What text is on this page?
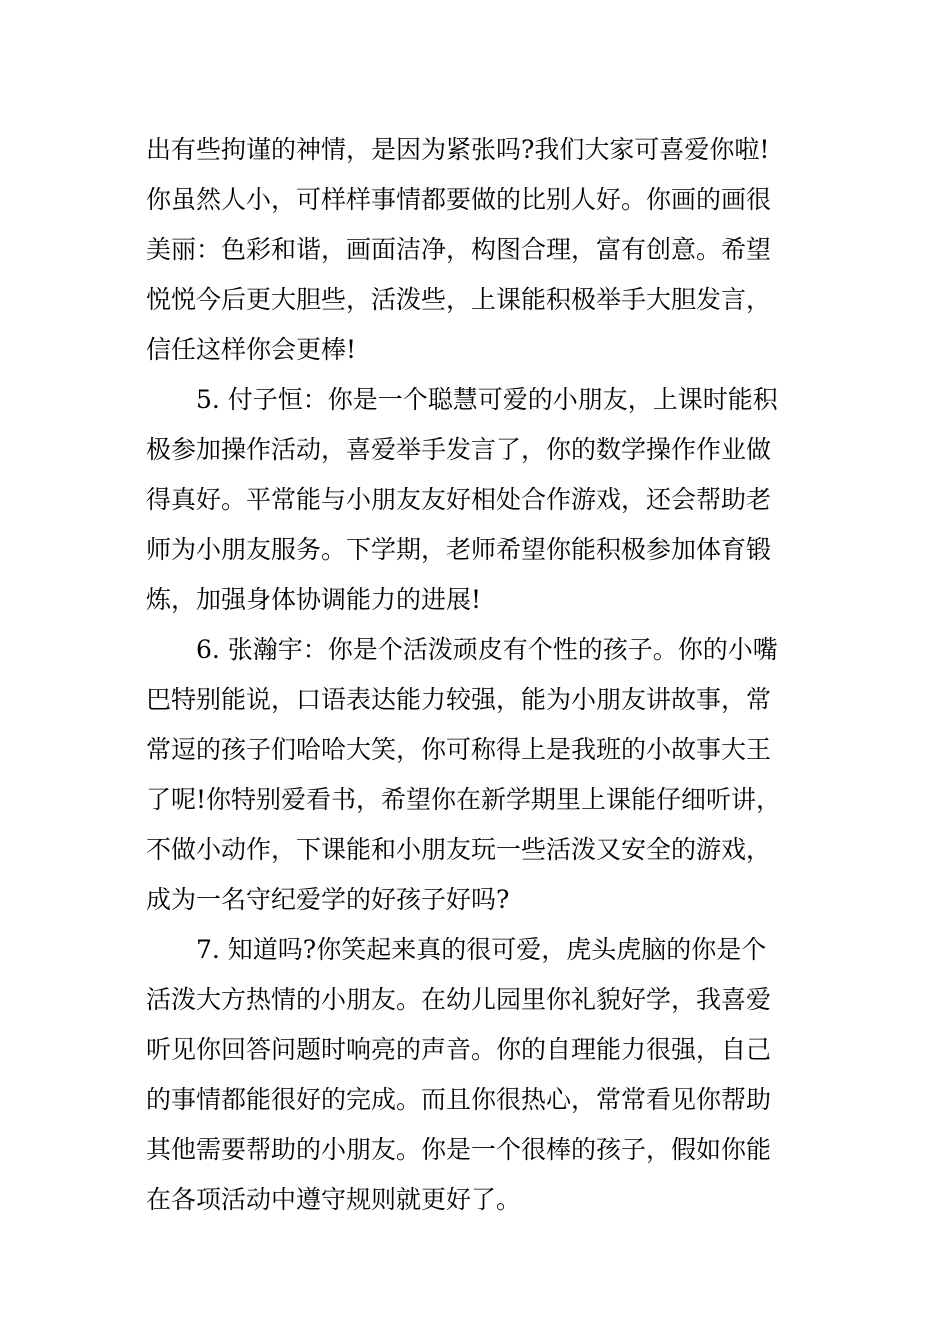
出有些拘谨的神情，是因为紧张吗?我们大家可喜爱你啦!
你虽然人小，可样样事情都要做的比别人好。你画的画很
美丽：色彩和谐，画面洁净，构图合理，富有创意。希望
悦悦今后更大胆些，活泼些，上课能积极举手大胆发言，
信任这样你会更棒!
5. 付子恒：你是一个聪慧可爱的小朋友，上课时能积
极参加操作活动，喜爱举手发言了，你的数学操作作业做
得真好。平常能与小朋友友好相处合作游戏，还会帮助老
师为小朋友服务。下学期，老师希望你能积极参加体育锻
炼，加强身体协调能力的进展!
6. 张瀚宇：你是个活泼顽皮有个性的孩子。你的小嘴
巴特别能说，口语表达能力较强，能为小朋友讲故事，常
常逗的孩子们哈哈大笑，你可称得上是我班的小故事大王
了呢!你特别爱看书，希望你在新学期里上课能仔细听讲，
不做小动作，下课能和小朋友玩一些活泼又安全的游戏，
成为一名守纪爱学的好孩子好吗?
7. 知道吗?你笑起来真的很可爱，虎头虎脑的你是个
活泼大方热情的小朋友。在幼儿园里你礼貌好学，我喜爱
听见你回答问题时响亮的声音。你的自理能力很强，自己
的事情都能很好的完成。而且你很热心，常常看见你帮助
其他需要帮助的小朋友。你是一个很棒的孩子，假如你能
在各项活动中遵守规则就更好了。
